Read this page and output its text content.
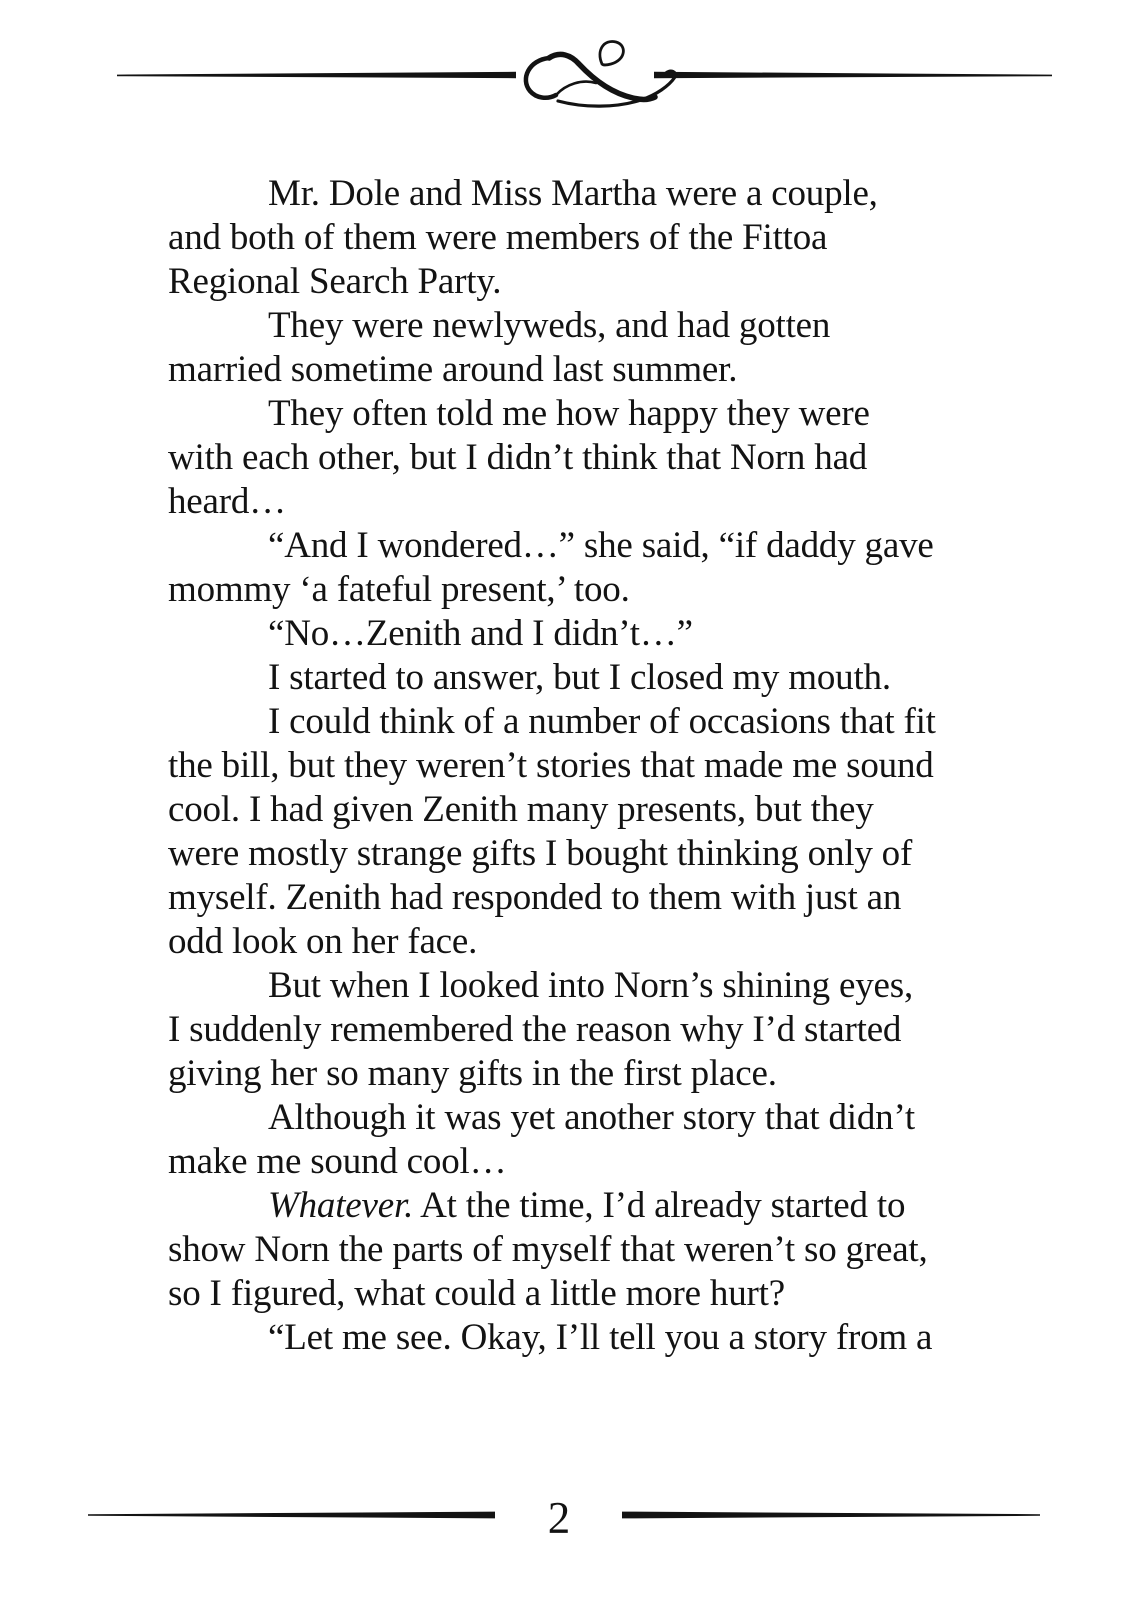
Mr. Dole and Miss Martha were a couple,
and both of them were members of the Fittoa
Regional Search Party.
They were newlyweds, and had gotten
married sometime around last summer.
They often told me how happy they were
with each other, but I didn’t think that Norn had
heard…
“And I wondered…” she said, “if daddy gave
mommy ‘a fateful present,’ too.
“No…Zenith and I didn’t…”
I started to answer, but I closed my mouth.
I could think of a number of occasions that fit
the bill, but they weren’t stories that made me sound
cool. I had given Zenith many presents, but they
were mostly strange gifts I bought thinking only of
myself. Zenith had responded to them with just an
odd look on her face.
But when I looked into Norn’s shining eyes,
I suddenly remembered the reason why I’d started
giving her so many gifts in the first place.
Although it was yet another story that didn’t
make me sound cool…
Whatever. At the time, I’d already started to
show Norn the parts of myself that weren’t so great,
so I figured, what could a little more hurt?
“Let me see. Okay, I’ll tell you a story from a
2
